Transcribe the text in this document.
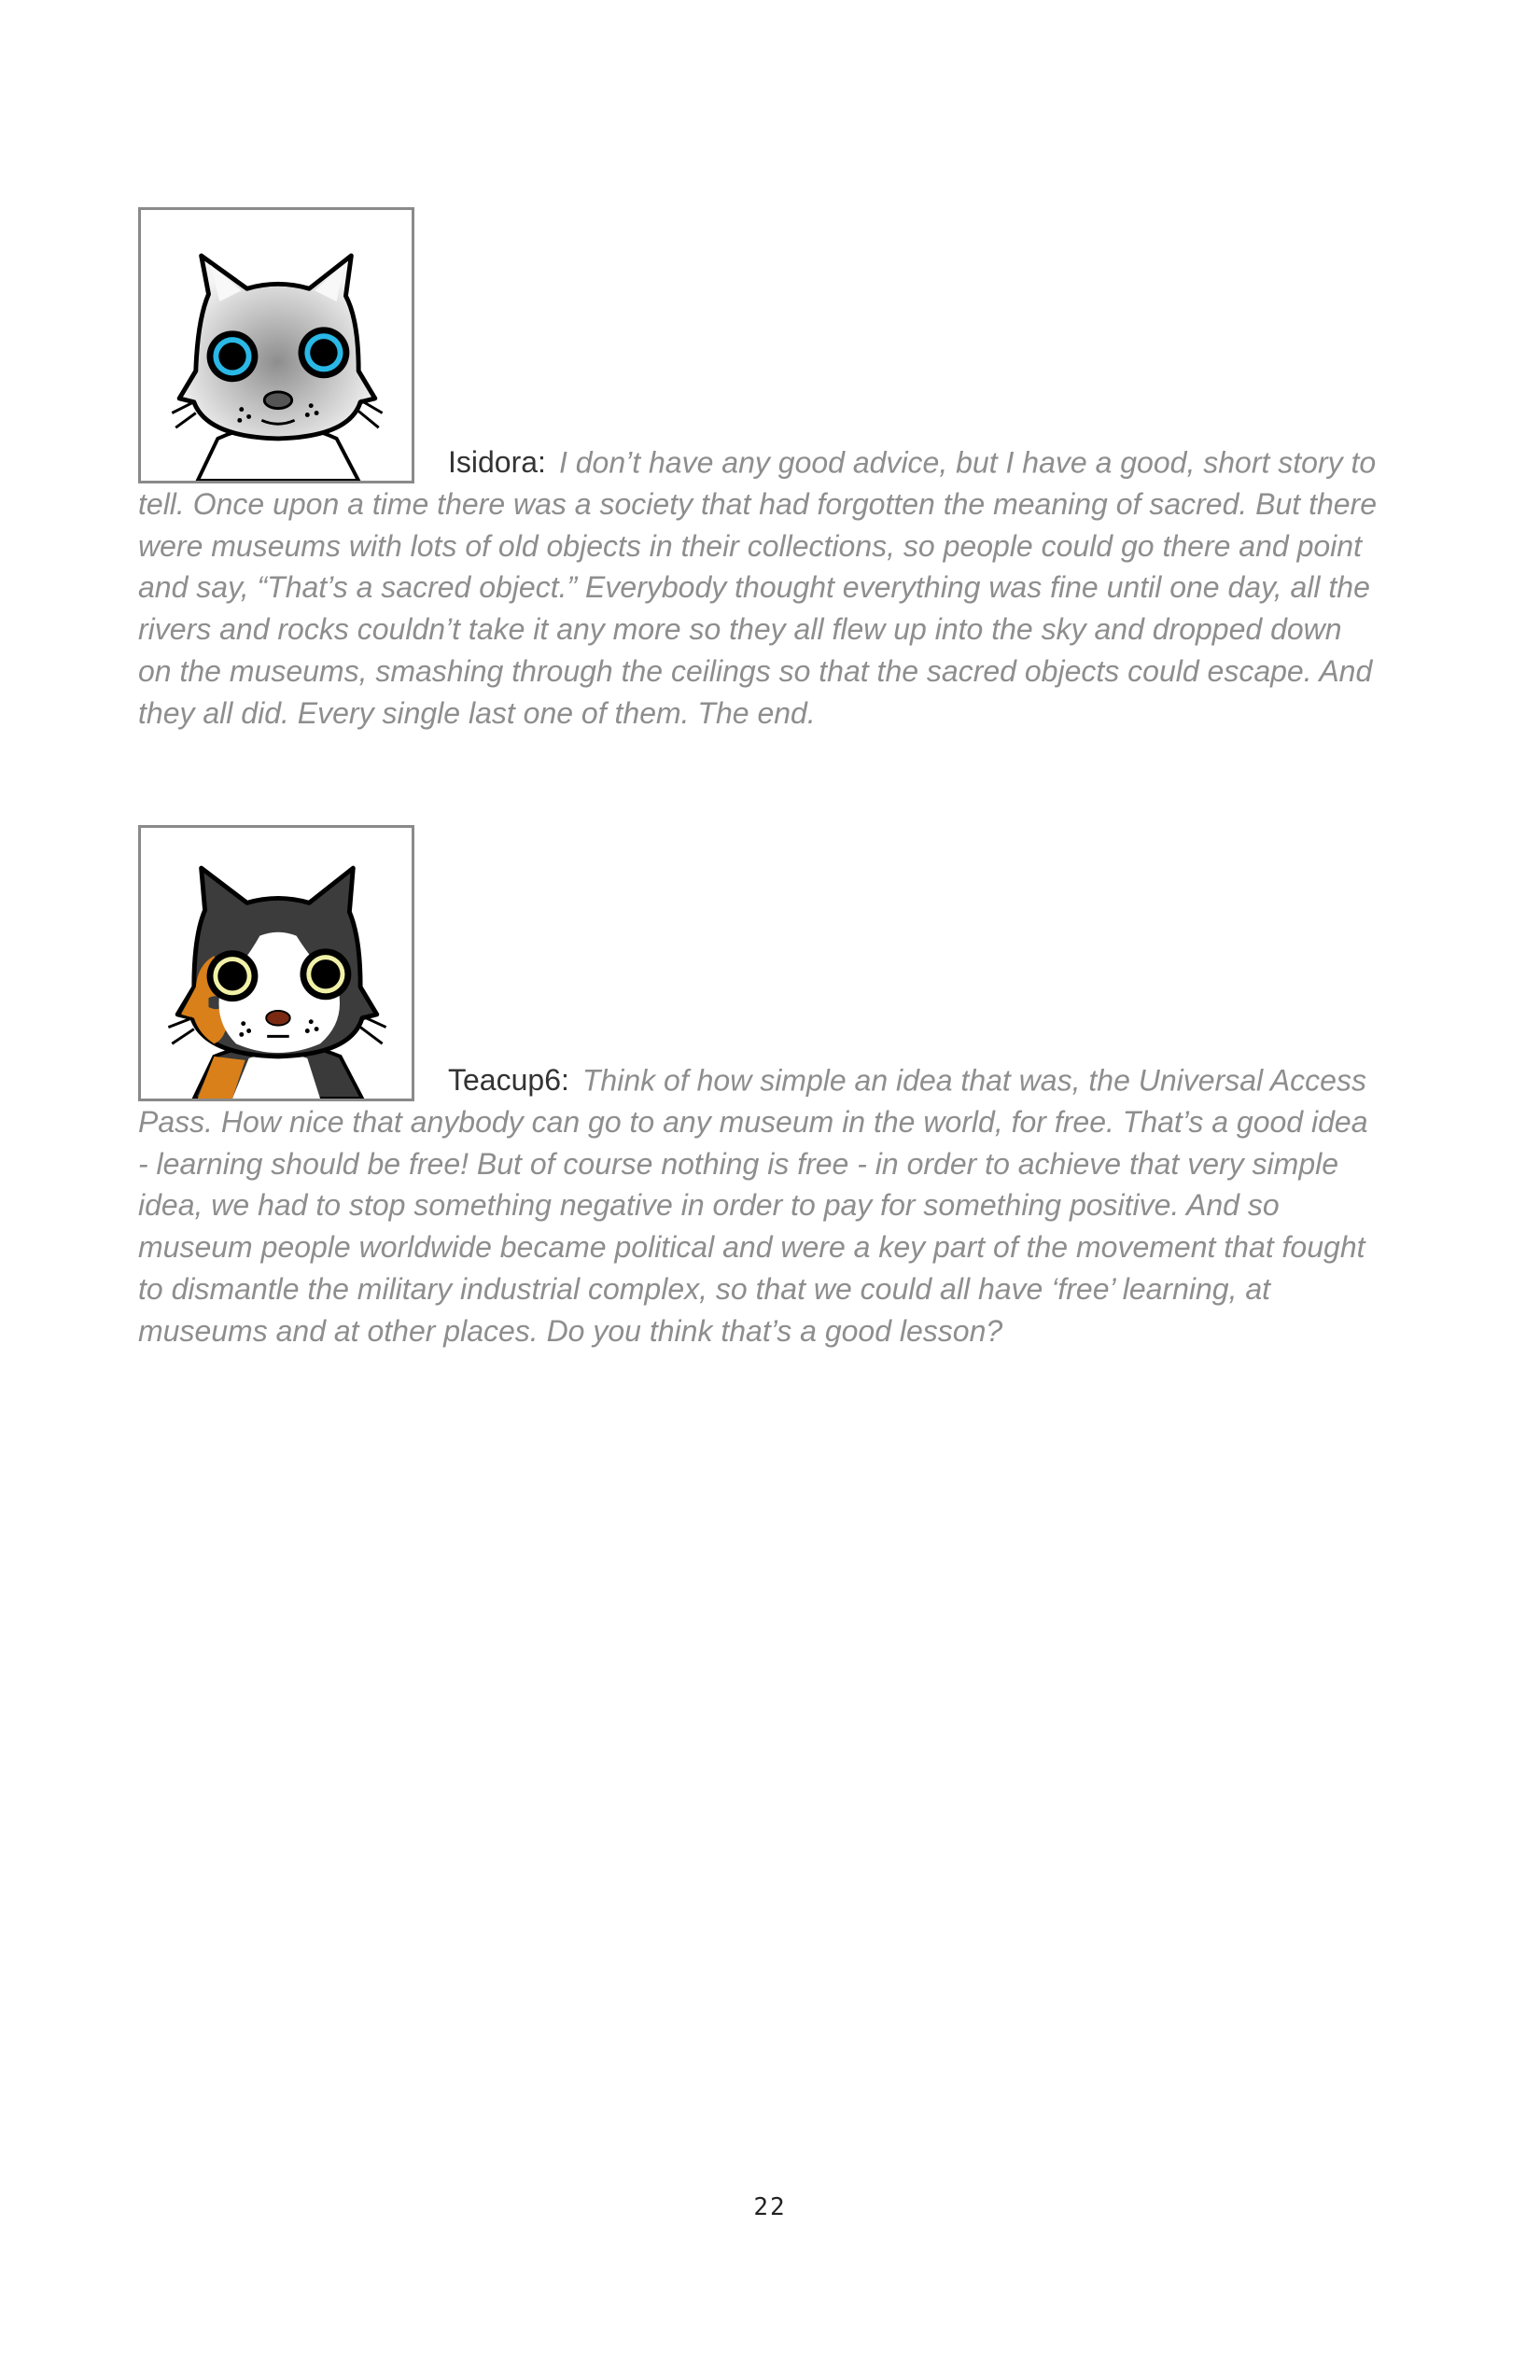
Isidora: I don’t have any good advice, but I have a good, short story to tell. Once upon a time there was a society that had forgotten the meaning of sacred. But there were museums with lots of old objects in their collections, so people could go there and point and say, “That’s a sacred object.” Everybody thought everything was fine until one day, all the rivers and rocks couldn’t take it any more so they all flew up into the sky and dropped down on the museums, smashing through the ceilings so that the sacred objects could escape. And they all did. Every single last one of them. The end.

Teacup6: Think of how simple an idea that was, the Universal Access Pass. How nice that anybody can go to any museum in the world, for free. That’s a good idea - learning should be free! But of course nothing is free - in order to achieve that very simple idea, we had to stop something negative in order to pay for something positive. And so museum people worldwide became political and were a key part of the movement that fought to dismantle the military industrial complex, so that we could all have ‘free’ learning, at museums and at other places. Do you think that’s a good lesson?

22
